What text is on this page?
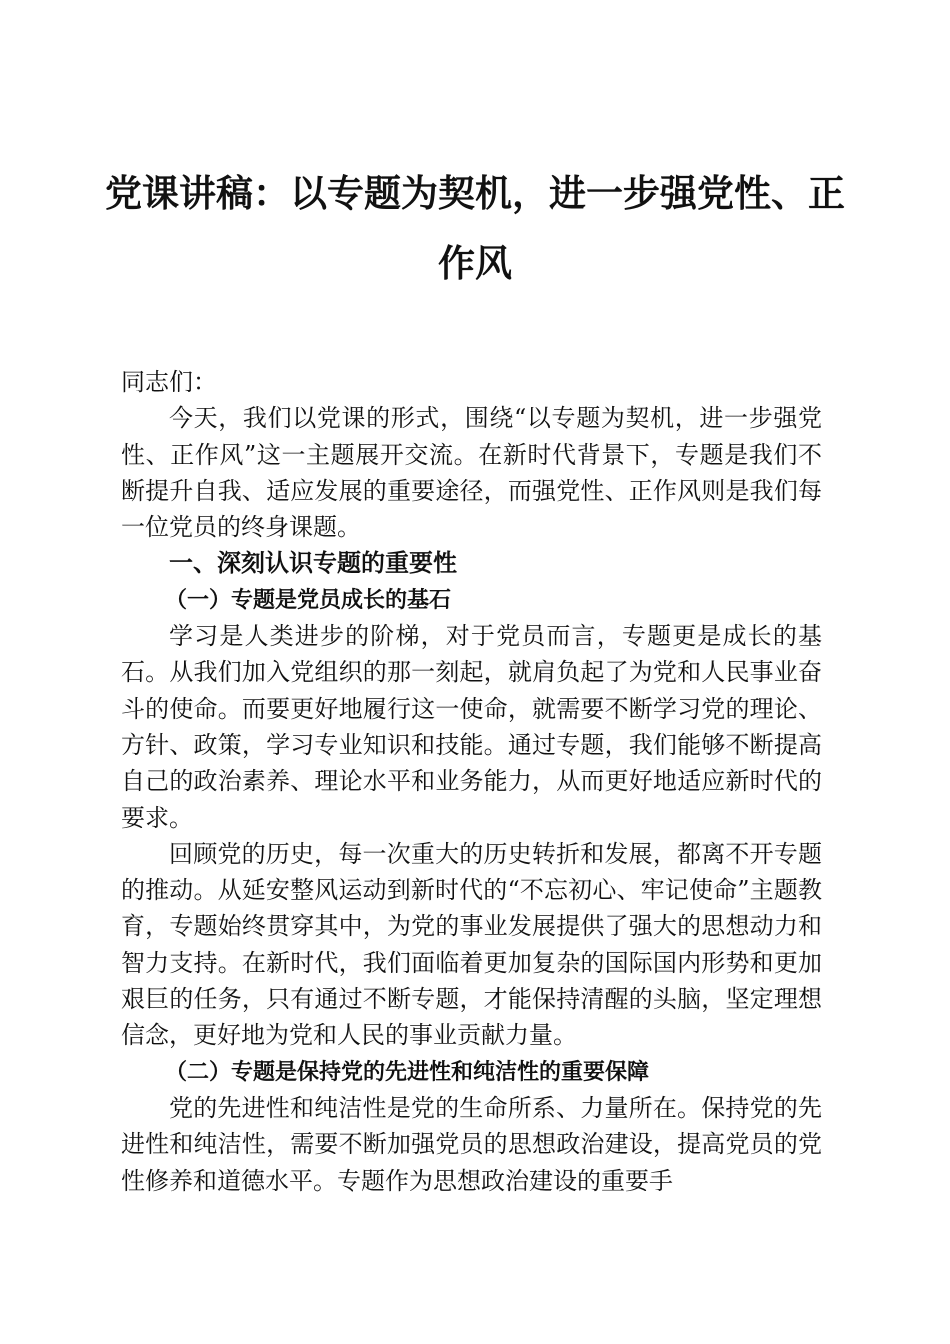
党课讲稿：以专题为契机，进一步强党性、正
作风

同志们：

今天，我们以党课的形式，围绕“以专题为契机，进一步强党性、正作风”这一主题展开交流。在新时代背景下，专题是我们不断提升自我、适应发展的重要途径，而强党性、正作风则是我们每一位党员的终身课题。

一、深刻认识专题的重要性

（一）专题是党员成长的基石

学习是人类进步的阶梯，对于党员而言，专题更是成长的基石。从我们加入党组织的那一刻起，就肩负起了为党和人民事业奋斗的使命。而要更好地履行这一使命，就需要不断学习党的理论、方针、政策，学习专业知识和技能。通过专题，我们能够不断提高自己的政治素养、理论水平和业务能力，从而更好地适应新时代的要求。

回顾党的历史，每一次重大的历史转折和发展，都离不开专题的推动。从延安整风运动到新时代的“不忘初心、牢记使命”主题教育，专题始终贯穿其中，为党的事业发展提供了强大的思想动力和智力支持。在新时代，我们面临着更加复杂的国际国内形势和更加艰巨的任务，只有通过不断专题，才能保持清醒的头脑，坚定理想信念，更好地为党和人民的事业贡献力量。

（二）专题是保持党的先进性和纯洁性的重要保障

党的先进性和纯洁性是党的生命所系、力量所在。保持党的先进性和纯洁性，需要不断加强党员的思想政治建设，提高党员的党性修养和道德水平。专题作为思想政治建设的重要手
